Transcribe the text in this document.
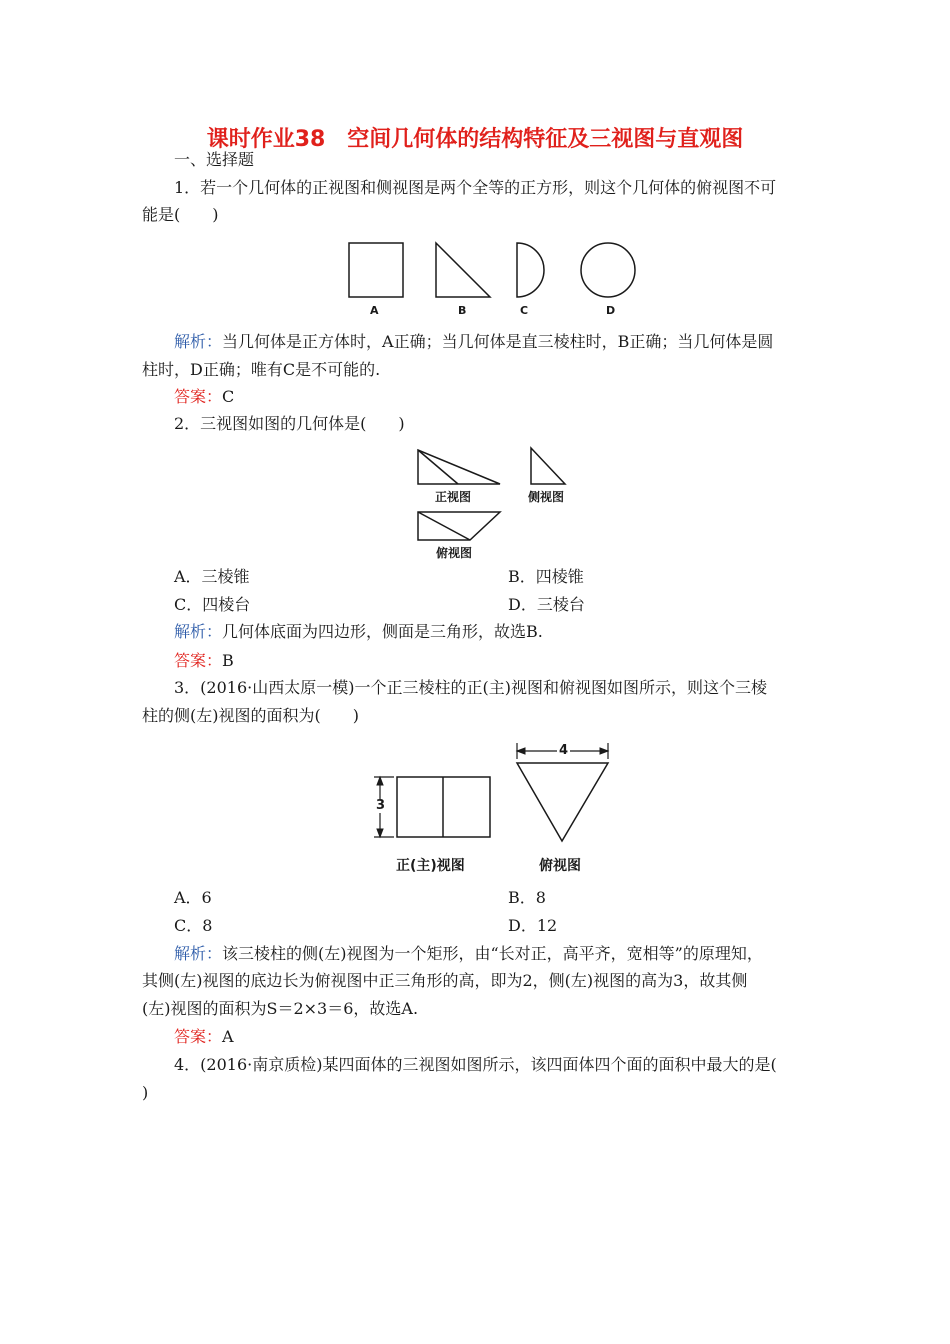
课时作业38　空间几何体的结构特征及三视图与直观图
一、选择题
1．若一个几何体的正视图和侧视图是两个全等的正方形，则这个几何体的俯视图不可
能是(　　)
A	B	C	D
解析：当几何体是正方体时，A正确；当几何体是直三棱柱时，B正确；当几何体是圆
柱时，D正确；唯有C是不可能的.
答案：C
2．三视图如图的几何体是(　　)
正视图	侧视图
俯视图
A．三棱锥	B．四棱锥
C．四棱台	D．三棱台
解析：几何体底面为四边形，侧面是三角形，故选B.
答案：B
3．(2016·山西太原一模)一个正三棱柱的正(主)视图和俯视图如图所示，则这个三棱
柱的侧(左)视图的面积为(　　)
3
4
正(主)视图	俯视图
A．6	B．8
C．8	D．12
解析：该三棱柱的侧(左)视图为一个矩形，由“长对正，高平齐，宽相等”的原理知，
其侧(左)视图的底边长为俯视图中正三角形的高，即为2，侧(左)视图的高为3，故其侧
(左)视图的面积为S＝2×3＝6，故选A.
答案：A
4．(2016·南京质检)某四面体的三视图如图所示，该四面体四个面的面积中最大的是(
)
